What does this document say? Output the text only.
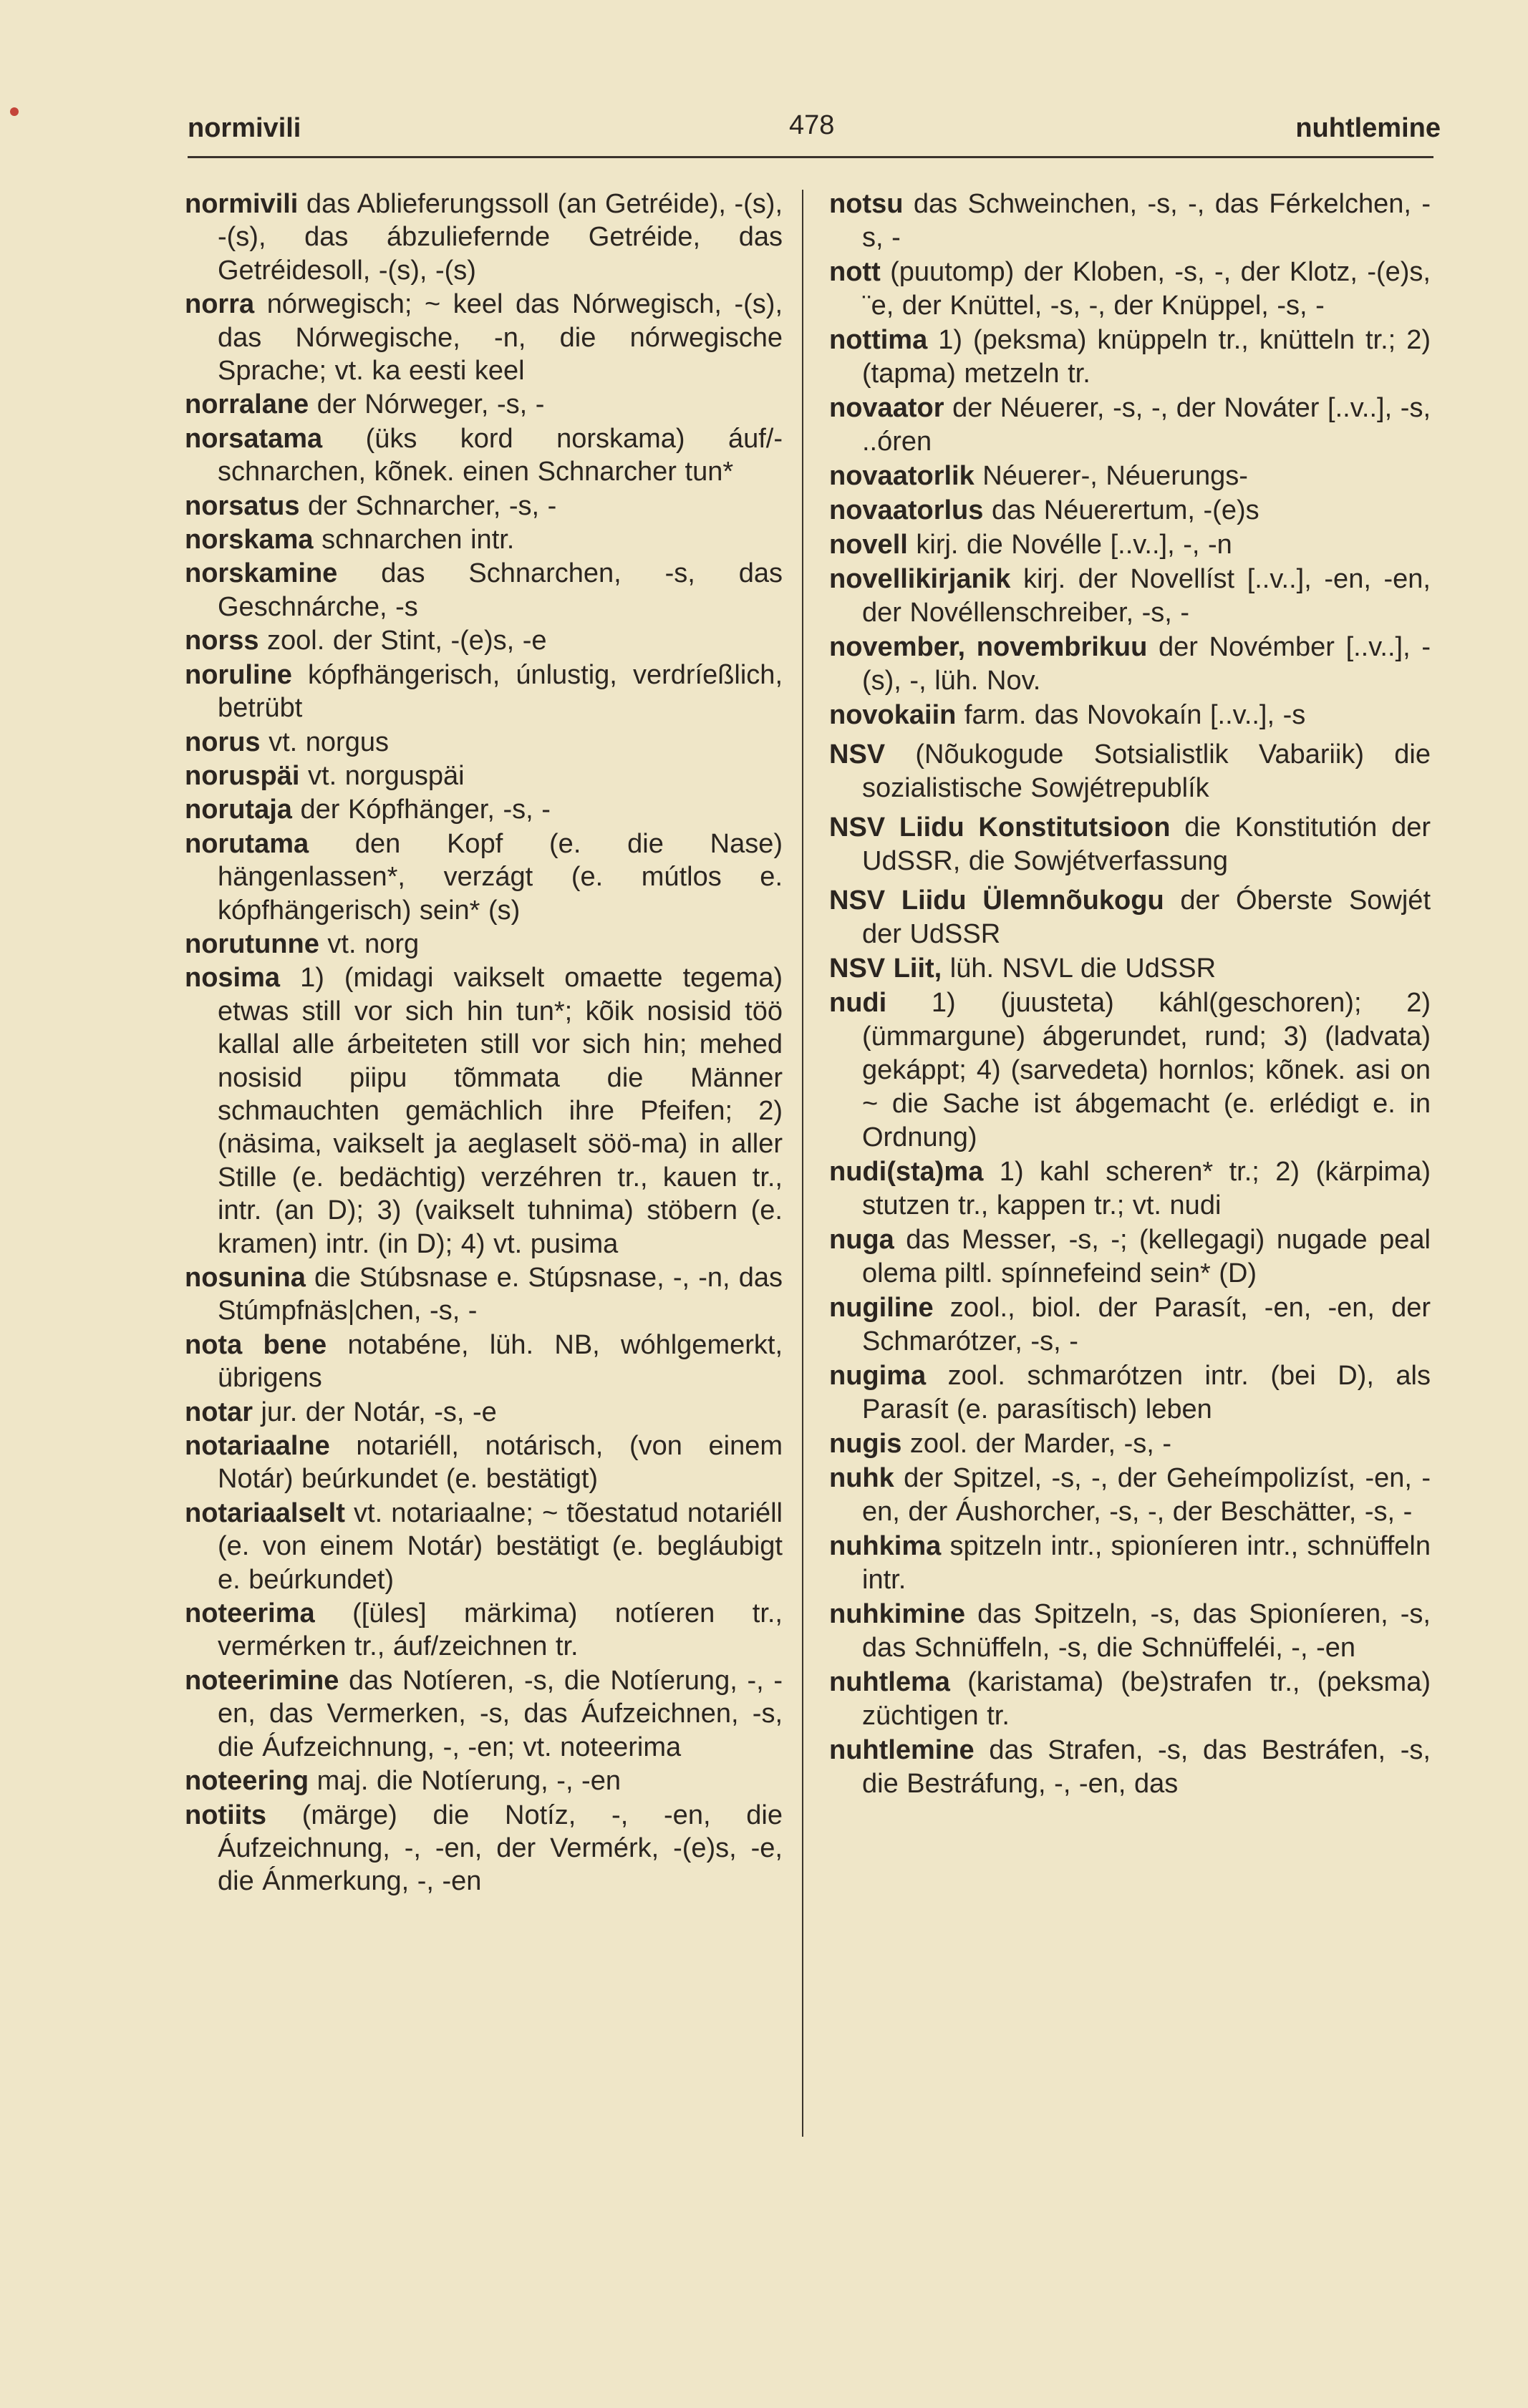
normivili	478	nuhtlemine

normivili das Ablieferungssoll (an Getréide), -(s), -(s), das ábzuliefernde Getréide, das Getréidesoll, -(s), -(s)

norra nórwegisch; ~ keel das Nórwegisch, -(s), das Nórwegische, -n, die nórwegische Sprache; vt. ka eesti keel

norralane der Nórweger, -s, -

norsatama (üks kord norskama) áuf/-schnarchen, kõnek. einen Schnarcher tun*

norsatus der Schnarcher, -s, -

norskama schnarchen intr.

norskamine das Schnarchen, -s, das Geschnárche, -s

norss zool. der Stint, -(e)s, -e

noruline kópfhängerisch, únlustig, verdríeßlich, betrübt

norus vt. norgus

noruspäi vt. norguspäi

norutaja der Kópfhänger, -s, -

norutama den Kopf (e. die Nase) hängenlassen*, verzágt (e. mútlos e. kópfhängerisch) sein* (s)

norutunne vt. norg

nosima 1) (midagi vaikselt omaette tegema) etwas still vor sich hin tun*; kõik nosisid töö kallal alle árbeiteten still vor sich hin; mehed nosisid piipu tõmmata die Männer schmauchten gemächlich ihre Pfeifen; 2) (näsima, vaikselt ja aeglaselt söö-ma) in aller Stille (e. bedächtig) verzéhren tr., kauen tr., intr. (an D); 3) (vaikselt tuhnima) stöbern (e. kramen) intr. (in D); 4) vt. pusima

nosunina die Stúbsnase e. Stúpsnase, -, -n, das Stúmpfnäs|chen, -s, -

nota bene notabéne, lüh. NB, wóhlgemerkt, übrigens

notar jur. der Notár, -s, -e

notariaalne notariéll, notárisch, (von einem Notár) beúrkundet (e. bestätigt)

notariaalselt vt. notariaalne; ~ tõestatud notariéll (e. von einem Notár) bestätigt (e. begláubigt e. beúrkundet)

noteerima ([üles] märkima) notíeren tr., vermérken tr., áuf/zeichnen tr.

noteerimine das Notíeren, -s, die Notíerung, -, -en, das Vermerken, -s, das Áufzeichnen, -s, die Áufzeichnung, -, -en; vt. noteerima

noteering maj. die Notíerung, -, -en

notiits (märge) die Notíz, -, -en, die Áufzeichnung, -, -en, der Vermérk, -(e)s, -e, die Ánmerkung, -, -en

notsu das Schweinchen, -s, -, das Férkelchen, -s, -

nott (puutomp) der Kloben, -s, -, der Klotz, -(e)s, ¨e, der Knüttel, -s, -, der Knüppel, -s, -

nottima 1) (peksma) knüppeln tr., knütteln tr.; 2) (tapma) metzeln tr.

novaator der Néuerer, -s, -, der Nováter [..v..], -s, ..óren

novaatorlik Néuerer-, Néuerungs-

novaatorlus das Néuerertum, -(e)s

novell kirj. die Novélle [..v..], -, -n

novellikirjanik kirj. der Novellíst [..v..], -en, -en, der Novéllenschreiber, -s, -

november, novembrikuu der Novémber [..v..], -(s), -, lüh. Nov.

novokaiin farm. das Novokaín [..v..], -s

NSV (Nõukogude Sotsialistlik Vabariik) die sozialistische Sowjétrepublík

NSV Liidu Konstitutsioon die Konstitutión der UdSSR, die Sowjétverfassung

NSV Liidu Ülemnõukogu der Óberste Sowjét der UdSSR

NSV Liit, lüh. NSVL die UdSSR

nudi 1) (juusteta) káhl(geschoren); 2) (ümmargune) ábgerundet, rund; 3) (ladvata) gekáppt; 4) (sarvedeta) hornlos; kõnek. asi on ~ die Sache ist ábgemacht (e. erlédigt e. in Ordnung)

nudi(sta)ma 1) kahl scheren* tr.; 2) (kärpima) stutzen tr., kappen tr.; vt. nudi

nuga das Messer, -s, -; (kellegagi) nugade peal olema piltl. spínnefeind sein* (D)

nugiline zool., biol. der Parasít, -en, -en, der Schmarótzer, -s, -

nugima zool. schmarótzen intr. (bei D), als Parasít (e. parasítisch) leben

nugis zool. der Marder, -s, -

nuhk der Spitzel, -s, -, der Geheímpolizíst, -en, -en, der Áushorcher, -s, -, der Beschätter, -s, -

nuhkima spitzeln intr., spioníeren intr., schnüffeln intr.

nuhkimine das Spitzeln, -s, das Spioníeren, -s, das Schnüffeln, -s, die Schnüffeléi, -, -en

nuhtlema (karistama) (be)strafen tr., (peksma) züchtigen tr.

nuhtlemine das Strafen, -s, das Bestráfen, -s, die Bestráfung, -, -en, das
